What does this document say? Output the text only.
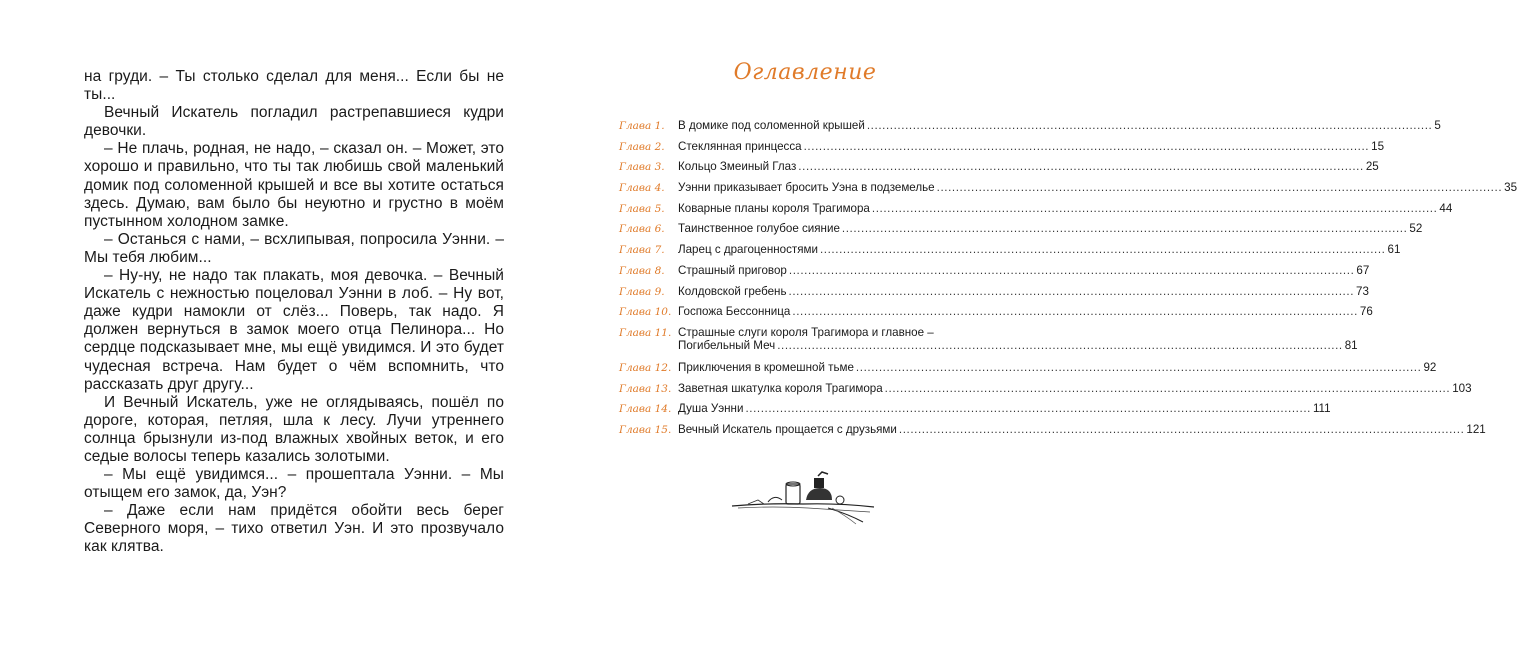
на груди. – Ты столько сделал для меня... Если бы не ты...

Вечный Искатель погладил растрепавшиеся кудри девочки.

– Не плачь, родная, не надо, – сказал он. – Может, это хорошо и правильно, что ты так любишь свой маленький домик под соломенной крышей и все вы хотите остаться здесь. Думаю, вам было бы неуютно и грустно в моём пустынном холодном замке.

– Останься с нами, – всхлипывая, попросила Уэнни. – Мы тебя любим...

– Ну-ну, не надо так плакать, моя девочка. – Вечный Искатель с нежностью поцеловал Уэнни в лоб. – Ну вот, даже кудри намокли от слёз... Поверь, так надо. Я должен вернуться в замок моего отца Пелинора... Но сердце подсказывает мне, мы ещё увидимся. И это будет чудесная встреча. Нам будет о чём вспомнить, что рассказать друг другу...

И Вечный Искатель, уже не оглядываясь, пошёл по дороге, которая, петляя, шла к лесу. Лучи утреннего солнца брызнули из-под влажных хвойных веток, и его седые волосы теперь казались золотыми.

– Мы ещё увидимся... – прошептала Уэнни. – Мы отыщем его замок, да, Уэн?

– Даже если нам придётся обойти весь берег Северного моря, – тихо ответил Уэн. И это прозвучало как клятва.

Оглавление
Глава 1.	В домике под соломенной крышей .....	5
Глава 2.	Стеклянная принцесса .....	15
Глава 3.	Кольцо Змеиный Глаз .....	25
Глава 4.	Уэнни приказывает бросить Уэна в подземелье .....	35
Глава 5.	Коварные планы короля Трагимора .....	44
Глава 6.	Таинственное голубое сияние .....	52
Глава 7.	Ларец с драгоценностями .....	61
Глава 8.	Страшный приговор .....	67
Глава 9.	Колдовской гребень .....	73
Глава 10. Госпожа Бессонница .....	76
Глава 11. Страшные слуги короля Трагимора и главное –
Погибельный Меч .....	81
Глава 12. Приключения в кромешной тьме .....	92
Глава 13. Заветная шкатулка короля Трагимора .....	103
Глава 14. Душа Уэнни .....	111
Глава 15. Вечный Искатель прощается с друзьями .....	121
